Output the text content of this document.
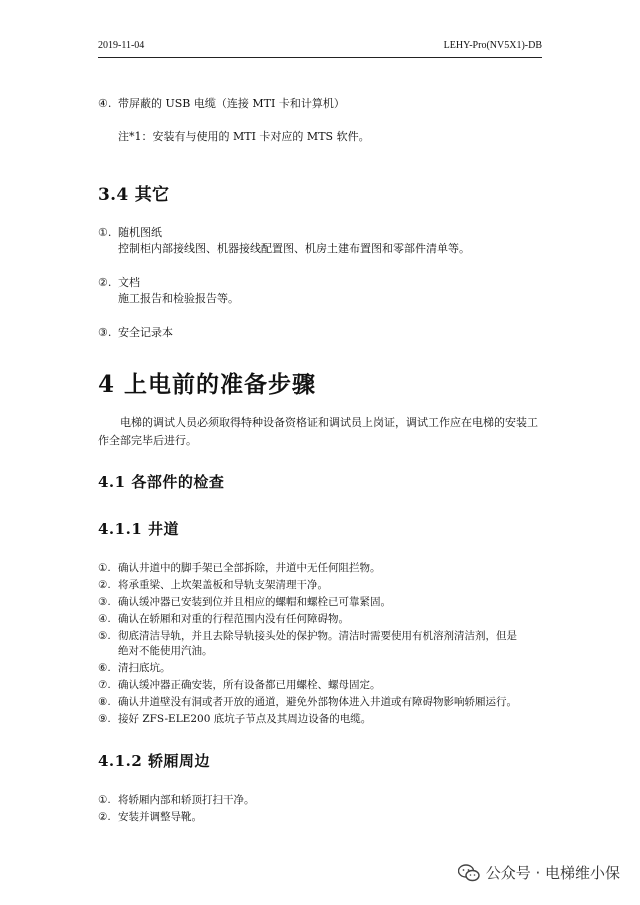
2019-11-04	LEHY-Pro(NV5X1)-DB
④. 带屏蔽的 USB 电缆（连接 MTI 卡和计算机）
注*1：安装有与使用的 MTI 卡对应的 MTS 软件。
3.4 其它
①. 随机图纸
控制柜内部接线图、机器接线配置图、机房土建布置图和零部件清单等。
②. 文档
施工报告和检验报告等。
③. 安全记录本
4 上电前的准备步骤
电梯的调试人员必须取得特种设备资格证和调试员上岗证，调试工作应在电梯的安装工作全部完毕后进行。
4.1 各部件的检查
4.1.1 井道
①. 确认井道中的脚手架已全部拆除，井道中无任何阻拦物。
②. 将承重梁、上坎架盖板和导轨支架清理干净。
③. 确认缓冲器已安装到位并且相应的螺帽和螺栓已可靠紧固。
④. 确认在轿厢和对重的行程范围内没有任何障碍物。
⑤. 彻底清洁导轨，并且去除导轨接头处的保护物。清洁时需要使用有机溶剂清洁剂，但是
绝对不能使用汽油。
⑥. 清扫底坑。
⑦. 确认缓冲器正确安装，所有设备都已用螺栓、螺母固定。
⑧. 确认井道壁没有洞或者开放的通道，避免外部物体进入井道或有障碍物影响轿厢运行。
⑨. 接好 ZFS-ELE200 底坑子节点及其周边设备的电缆。
4.1.2 轿厢周边
①. 将轿厢内部和轿顶打扫干净。
②. 安装并调整导靴。
公众号 · 电梯维小保
